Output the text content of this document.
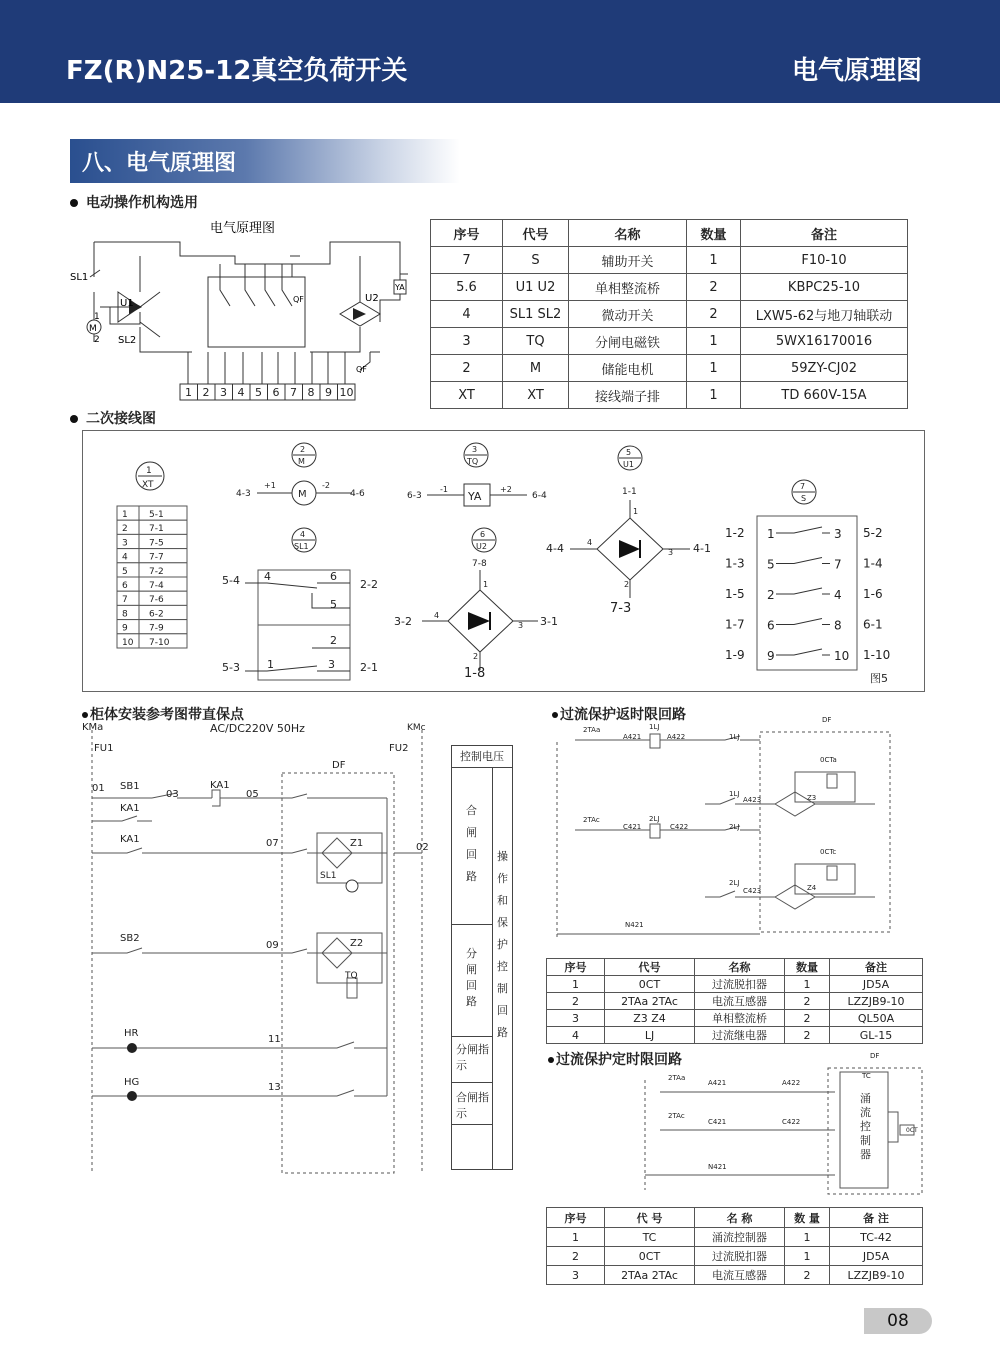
FZ(R)N25-12真空负荷开关	电气原理图
八、电气原理图
电动操作机构选用
电气原理图
SL1
U1	U2
M
1
2 SL2
QF
YA
QF
1 2 3 4 5 6 7 8 9 10
序号	代号	名称	数量	备注
7	S	辅助开关	1	F10-10
5.6	U1 U2	单相整流桥	2	KBPC25-10
4	SL1 SL2	微动开关	2	LXW5-62与地刀轴联动
3	TQ	分闸电磁铁	1	5WX16170016
2	M	储能电机	1	59ZY-CJ02
XT	XT	接线端子排	1	TD 660V-15A
二次接线图
1
XT
1 5-1
2 7-1
3 7-5
4 7-7
5 7-2
6 7-4
7 7-6
8 6-2
9 7-9
10 7-10
2
M
M
4-3
+1	-2
4-6
3
TQ
YA
6-3
-1	+2
6-4
5
U1
1-1
1
2
3
4
4-4	4-1
7-3
4
SL1
5-4
5-3
2-2
2-1
4	6
5
2
1	3
6
U2
7-8
1
2
3
4
3-2	3-1
1-8
7
S
1-2 1	3 5-2
1-3 5	7 1-4
1-5 2	4 1-6
1-7 6	8 6-1
1-9 9	10 1-10
图5
柜体安装参考图带直保点
KMa	KMc
AC/DC220V 50Hz
FU1	FU2
DF
01 SB1
03
KA1
05
KA1
KA1	07	Z1
SL1
02
SB2
09	Z2
TQ
HR
11
HG	13
控制电压
合闸回路
分闸回路
分闸指示
合闸指示
操作和保护控制回路
过流保护返时限回路	DF
2TAa
A421
1LJ
A422	1LJ
0CTa
1LJ
A423	Z3
2TAc
C421
2LJ
C422	2LJ
0CTc
2LJ
C423	Z4
N421
序号	代号	名称	数量	备注
1	0CT	过流脱扣器	1	JD5A
2	2TAa 2TAc	电流互感器	2	LZZJB9-10
3	Z3 Z4	单相整流桥	2	QL50A
4	LJ	过流继电器	2	GL-15
过流保护定时限回路	DF
TC
2TAa
A421	A422
2TAc
C421	C422
N421
0CT
涌流控制器
序号	代 号	名 称	数 量	备 注
1	TC	涌流控制器	1	TC-42
2	0CT	过流脱扣器	1	JD5A
3	2TAa 2TAc	电流互感器	2	LZZJB9-10
08
